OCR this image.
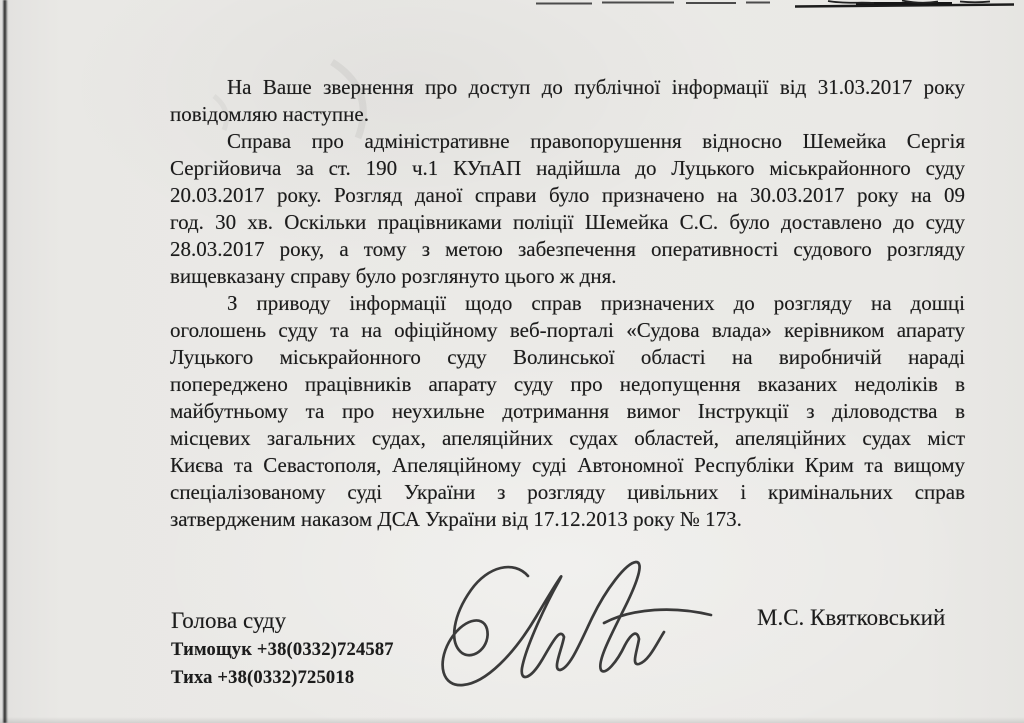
На Ваше звернення про доступ до публічної інформації від 31.03.2017 року
повідомляю наступне.
Справа про адміністративне правопорушення відносно Шемейка Сергія
Сергійовича за ст. 190 ч.1 КУпАП надійшла до Луцького міськрайонного суду
20.03.2017 року. Розгляд даної справи було призначено на 30.03.2017 року на 09
год. 30 хв. Оскільки працівниками поліції Шемейка С.С. було доставлено до суду
28.03.2017 року, а тому з метою забезпечення оперативності судового розгляду
вищевказану справу було розглянуто цього ж дня.
З приводу інформації щодо справ призначених до розгляду на дошці
оголошень суду та на офіційному веб-порталі «Судова влада» керівником апарату
Луцького міськрайонного суду Волинської області на виробничій нараді
попереджено працівників апарату суду про недопущення вказаних недоліків в
майбутньому та про неухильне дотримання вимог Інструкції з діловодства в
місцевих загальних судах, апеляційних судах областей, апеляційних судах міст
Києва та Севастополя, Апеляційному суді Автономної Республіки Крим та вищому
спеціалізованому суді України з розгляду цивільних і кримінальних справ
затвердженим наказом ДСА України від 17.12.2013 року № 173.
Голова суду
Тимощук +38(0332)724587
Тиха +38(0332)725018
М.С. Квятковський
